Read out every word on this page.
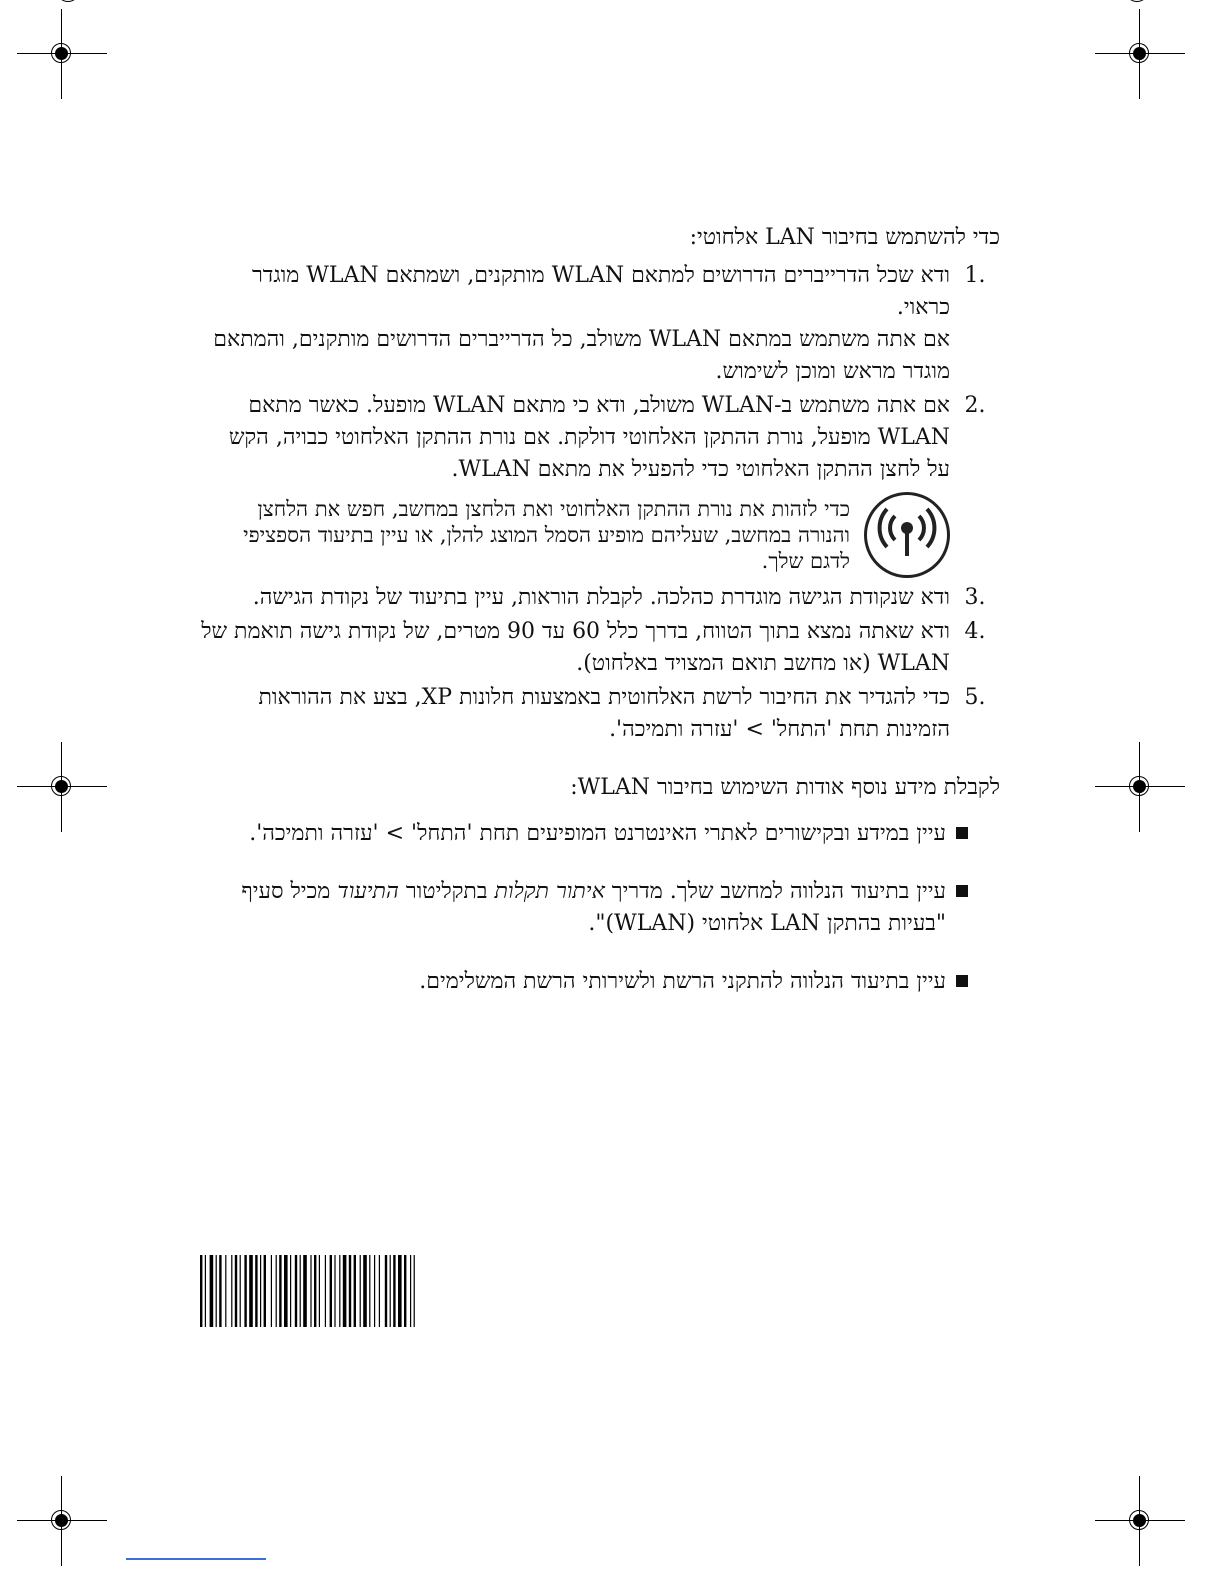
כדי להשתמש בחיבור LAN אלחוטי:

.1

ודא שכל הדרייברים הדרושים למתאם WLAN מותקנים, ושמתאם WLAN מוגדר כראוי.

אם אתה משתמש במתאם WLAN משולב, כל הדרייברים הדרושים מותקנים, והמתאם מוגדר מראש ומוכן לשימוש.

.2

אם אתה משתמש ב-WLAN משולב, ודא כי מתאם WLAN מופעל. כאשר מתאם WLAN מופעל, נורת ההתקן האלחוטי דולקת. אם נורת ההתקן האלחוטי כבויה, הקש על לחצן ההתקן האלחוטי כדי להפעיל את מתאם WLAN.

כדי לזהות את נורת ההתקן האלחוטי ואת הלחצן במחשב, חפש את הלחצן והנורה במחשב, שעליהם מופיע הסמל המוצג להלן, או עיין בתיעוד הספציפי לדגם שלך.

.3

ודא שנקודת הגישה מוגדרת כהלכה. לקבלת הוראות, עיין בתיעוד של נקודת הגישה.

.4

ודא שאתה נמצא בתוך הטווח, בדרך כלל 60 עד 90 מטרים, של נקודת גישה תואמת של WLAN (או מחשב תואם המצויד באלחוט).

.5

כדי להגדיר את החיבור לרשת האלחוטית באמצעות חלונות XP, בצע את ההוראות הזמינות תחת 'התחל' > 'עזרה ותמיכה'.

לקבלת מידע נוסף אודות השימוש בחיבור WLAN:

עיין במידע ובקישורים לאתרי האינטרנט המופיעים תחת 'התחל' > 'עזרה ותמיכה'.
עיין בתיעוד הנלווה למחשב שלך. מדריך איתור תקלות בתקליטור התיעוד מכיל סעיף "בעיות בהתקן LAN אלחוטי (WLAN)".
עיין בתיעוד הנלווה להתקני הרשת ולשירותי הרשת המשלימים.
